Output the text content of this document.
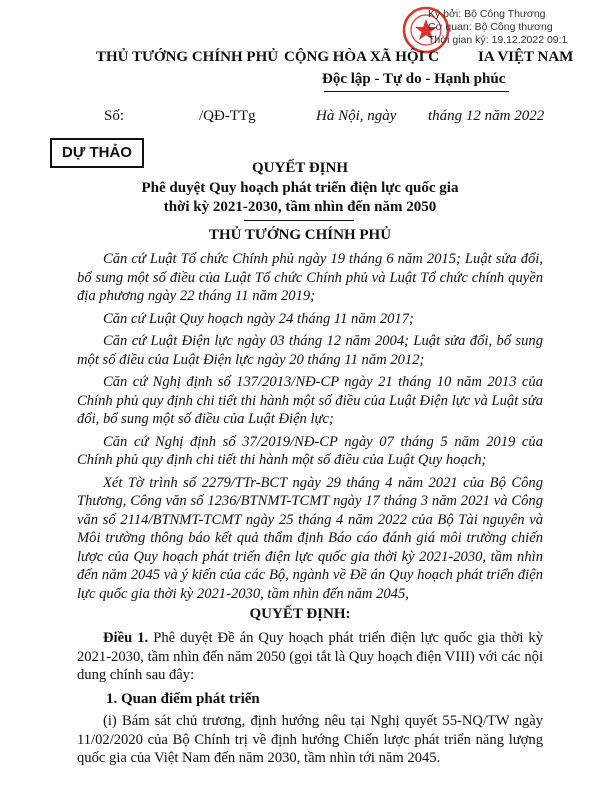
Ký bởi: Bộ Công Thương
Cơ quan: Bộ Công thương
Thời gian ký: 19.12.2022 09:1
THỦ TƯỚNG CHÍNH PHỦ CỘNG HÒA XÃ HỘI C	IA VIỆT NAM
Độc lập - Tự do - Hạnh phúc
Số:	/QĐ-TTg	Hà Nội, ngày tháng 12 năm 2022
DỰ THẢO
QUYẾT ĐỊNH
Phê duyệt Quy hoạch phát triển điện lực quốc gia
thời kỳ 2021-2030, tầm nhìn đến năm 2050
THỦ TƯỚNG CHÍNH PHỦ

Căn cứ Luật Tổ chức Chính phủ ngày 19 tháng 6 năm 2015; Luật sửa đổi, bổ sung một số điều của Luật Tổ chức Chính phủ và Luật Tổ chức chính quyền địa phương ngày 22 tháng 11 năm 2019;

Căn cứ Luật Quy hoạch ngày 24 tháng 11 năm 2017;

Căn cứ Luật Điện lực ngày 03 tháng 12 năm 2004; Luật sửa đổi, bổ sung một số điều của Luật Điện lực ngày 20 tháng 11 năm 2012;

Căn cứ Nghị định số 137/2013/NĐ-CP ngày 21 tháng 10 năm 2013 của Chính phủ quy định chi tiết thi hành một số điều của Luật Điện lực và Luật sửa đổi, bổ sung một số điều của Luật Điện lực;

Căn cứ Nghị định số 37/2019/NĐ-CP ngày 07 tháng 5 năm 2019 của Chính phủ quy định chi tiết thi hành một số điều của Luật Quy hoạch;

Xét Tờ trình số 2279/TTr-BCT ngày 29 tháng 4 năm 2021 của Bộ Công Thương, Công văn số 1236/BTNMT-TCMT ngày 17 tháng 3 năm 2021 và Công văn số 2114/BTNMT-TCMT ngày 25 tháng 4 năm 2022 của Bộ Tài nguyên và Môi trường thông báo kết quả thẩm định Báo cáo đánh giá môi trường chiến lược của Quy hoạch phát triển điện lực quốc gia thời kỳ 2021-2030, tầm nhìn đến năm 2045 và ý kiến của các Bộ, ngành về Đề án Quy hoạch phát triển điện lực quốc gia thời kỳ 2021-2030, tầm nhìn đến năm 2045,

QUYẾT ĐỊNH:

Điều 1. Phê duyệt Đề án Quy hoạch phát triển điện lực quốc gia thời kỳ 2021-2030, tầm nhìn đến năm 2050 (gọi tắt là Quy hoạch điện VIII) với các nội dung chính sau đây:

1. Quan điểm phát triển

(i) Bám sát chủ trương, định hướng nêu tại Nghị quyết 55-NQ/TW ngày 11/02/2020 của Bộ Chính trị về định hướng Chiến lược phát triển năng lượng quốc gia của Việt Nam đến năm 2030, tầm nhìn tới năm 2045.
